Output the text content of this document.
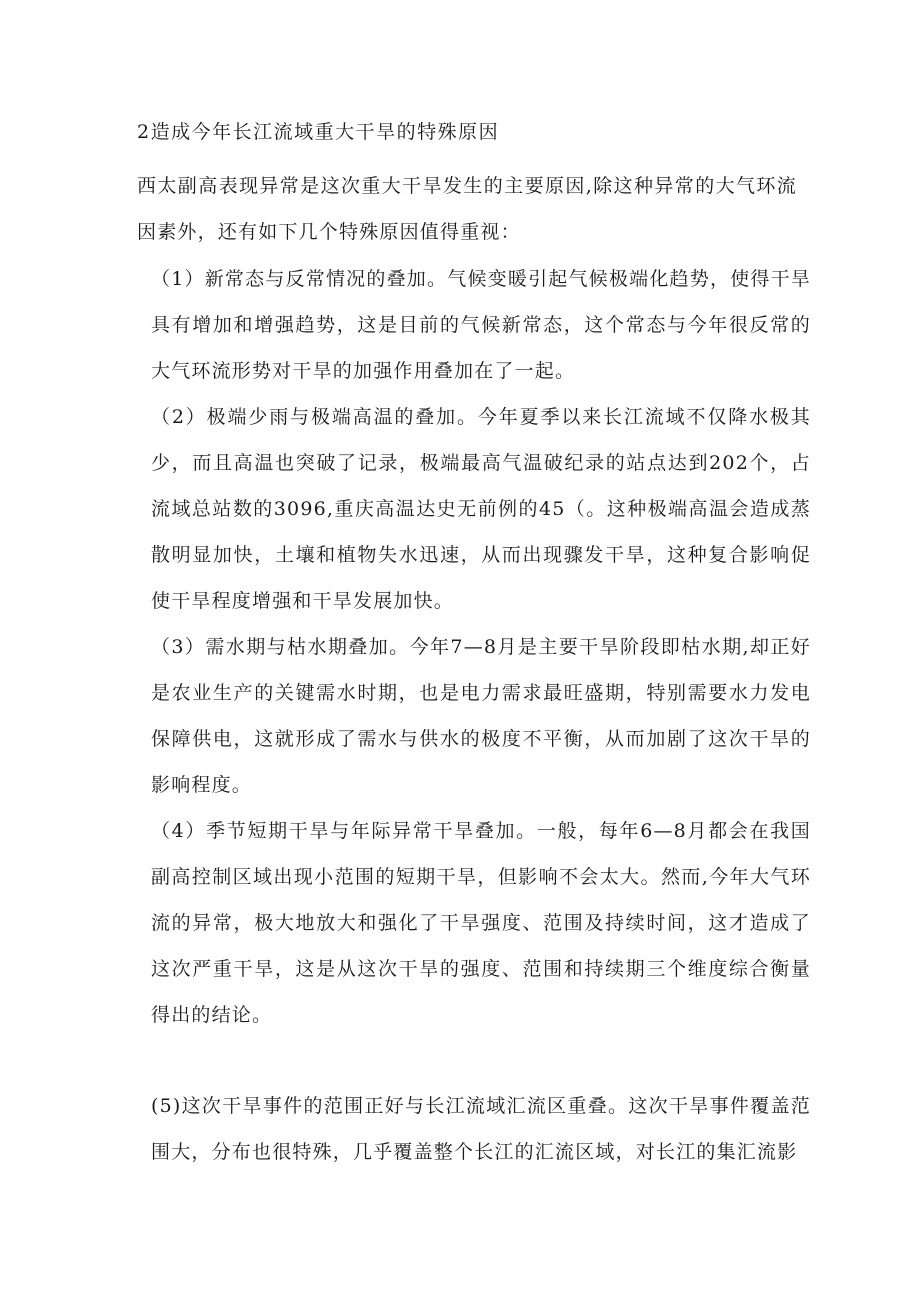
2造成今年长江流域重大干旱的特殊原因

西太副高表现异常是这次重大干旱发生的主要原因,除这种异常的大气环流因素外，还有如下几个特殊原因值得重视：

（1）新常态与反常情况的叠加。气候变暖引起气候极端化趋势，使得干旱具有增加和增强趋势，这是目前的气候新常态，这个常态与今年很反常的大气环流形势对干旱的加强作用叠加在了一起。

（2）极端少雨与极端高温的叠加。今年夏季以来长江流域不仅降水极其少，而且高温也突破了记录，极端最高气温破纪录的站点达到202个，占流域总站数的3096,重庆高温达史无前例的45（。这种极端高温会造成蒸散明显加快，土壤和植物失水迅速，从而出现骤发干旱，这种复合影响促使干旱程度增强和干旱发展加快。

（3）需水期与枯水期叠加。今年7—8月是主要干旱阶段即枯水期,却正好是农业生产的关键需水时期，也是电力需求最旺盛期，特别需要水力发电保障供电，这就形成了需水与供水的极度不平衡，从而加剧了这次干旱的影响程度。

（4）季节短期干旱与年际异常干旱叠加。一般，每年6—8月都会在我国副高控制区域出现小范围的短期干旱，但影响不会太大。然而,今年大气环流的异常，极大地放大和强化了干旱强度、范围及持续时间，这才造成了这次严重干旱，这是从这次干旱的强度、范围和持续期三个维度综合衡量得出的结论。

(5)这次干旱事件的范围正好与长江流域汇流区重叠。这次干旱事件覆盖范围大，分布也很特殊，几乎覆盖整个长江的汇流区域，对长江的集汇流影
